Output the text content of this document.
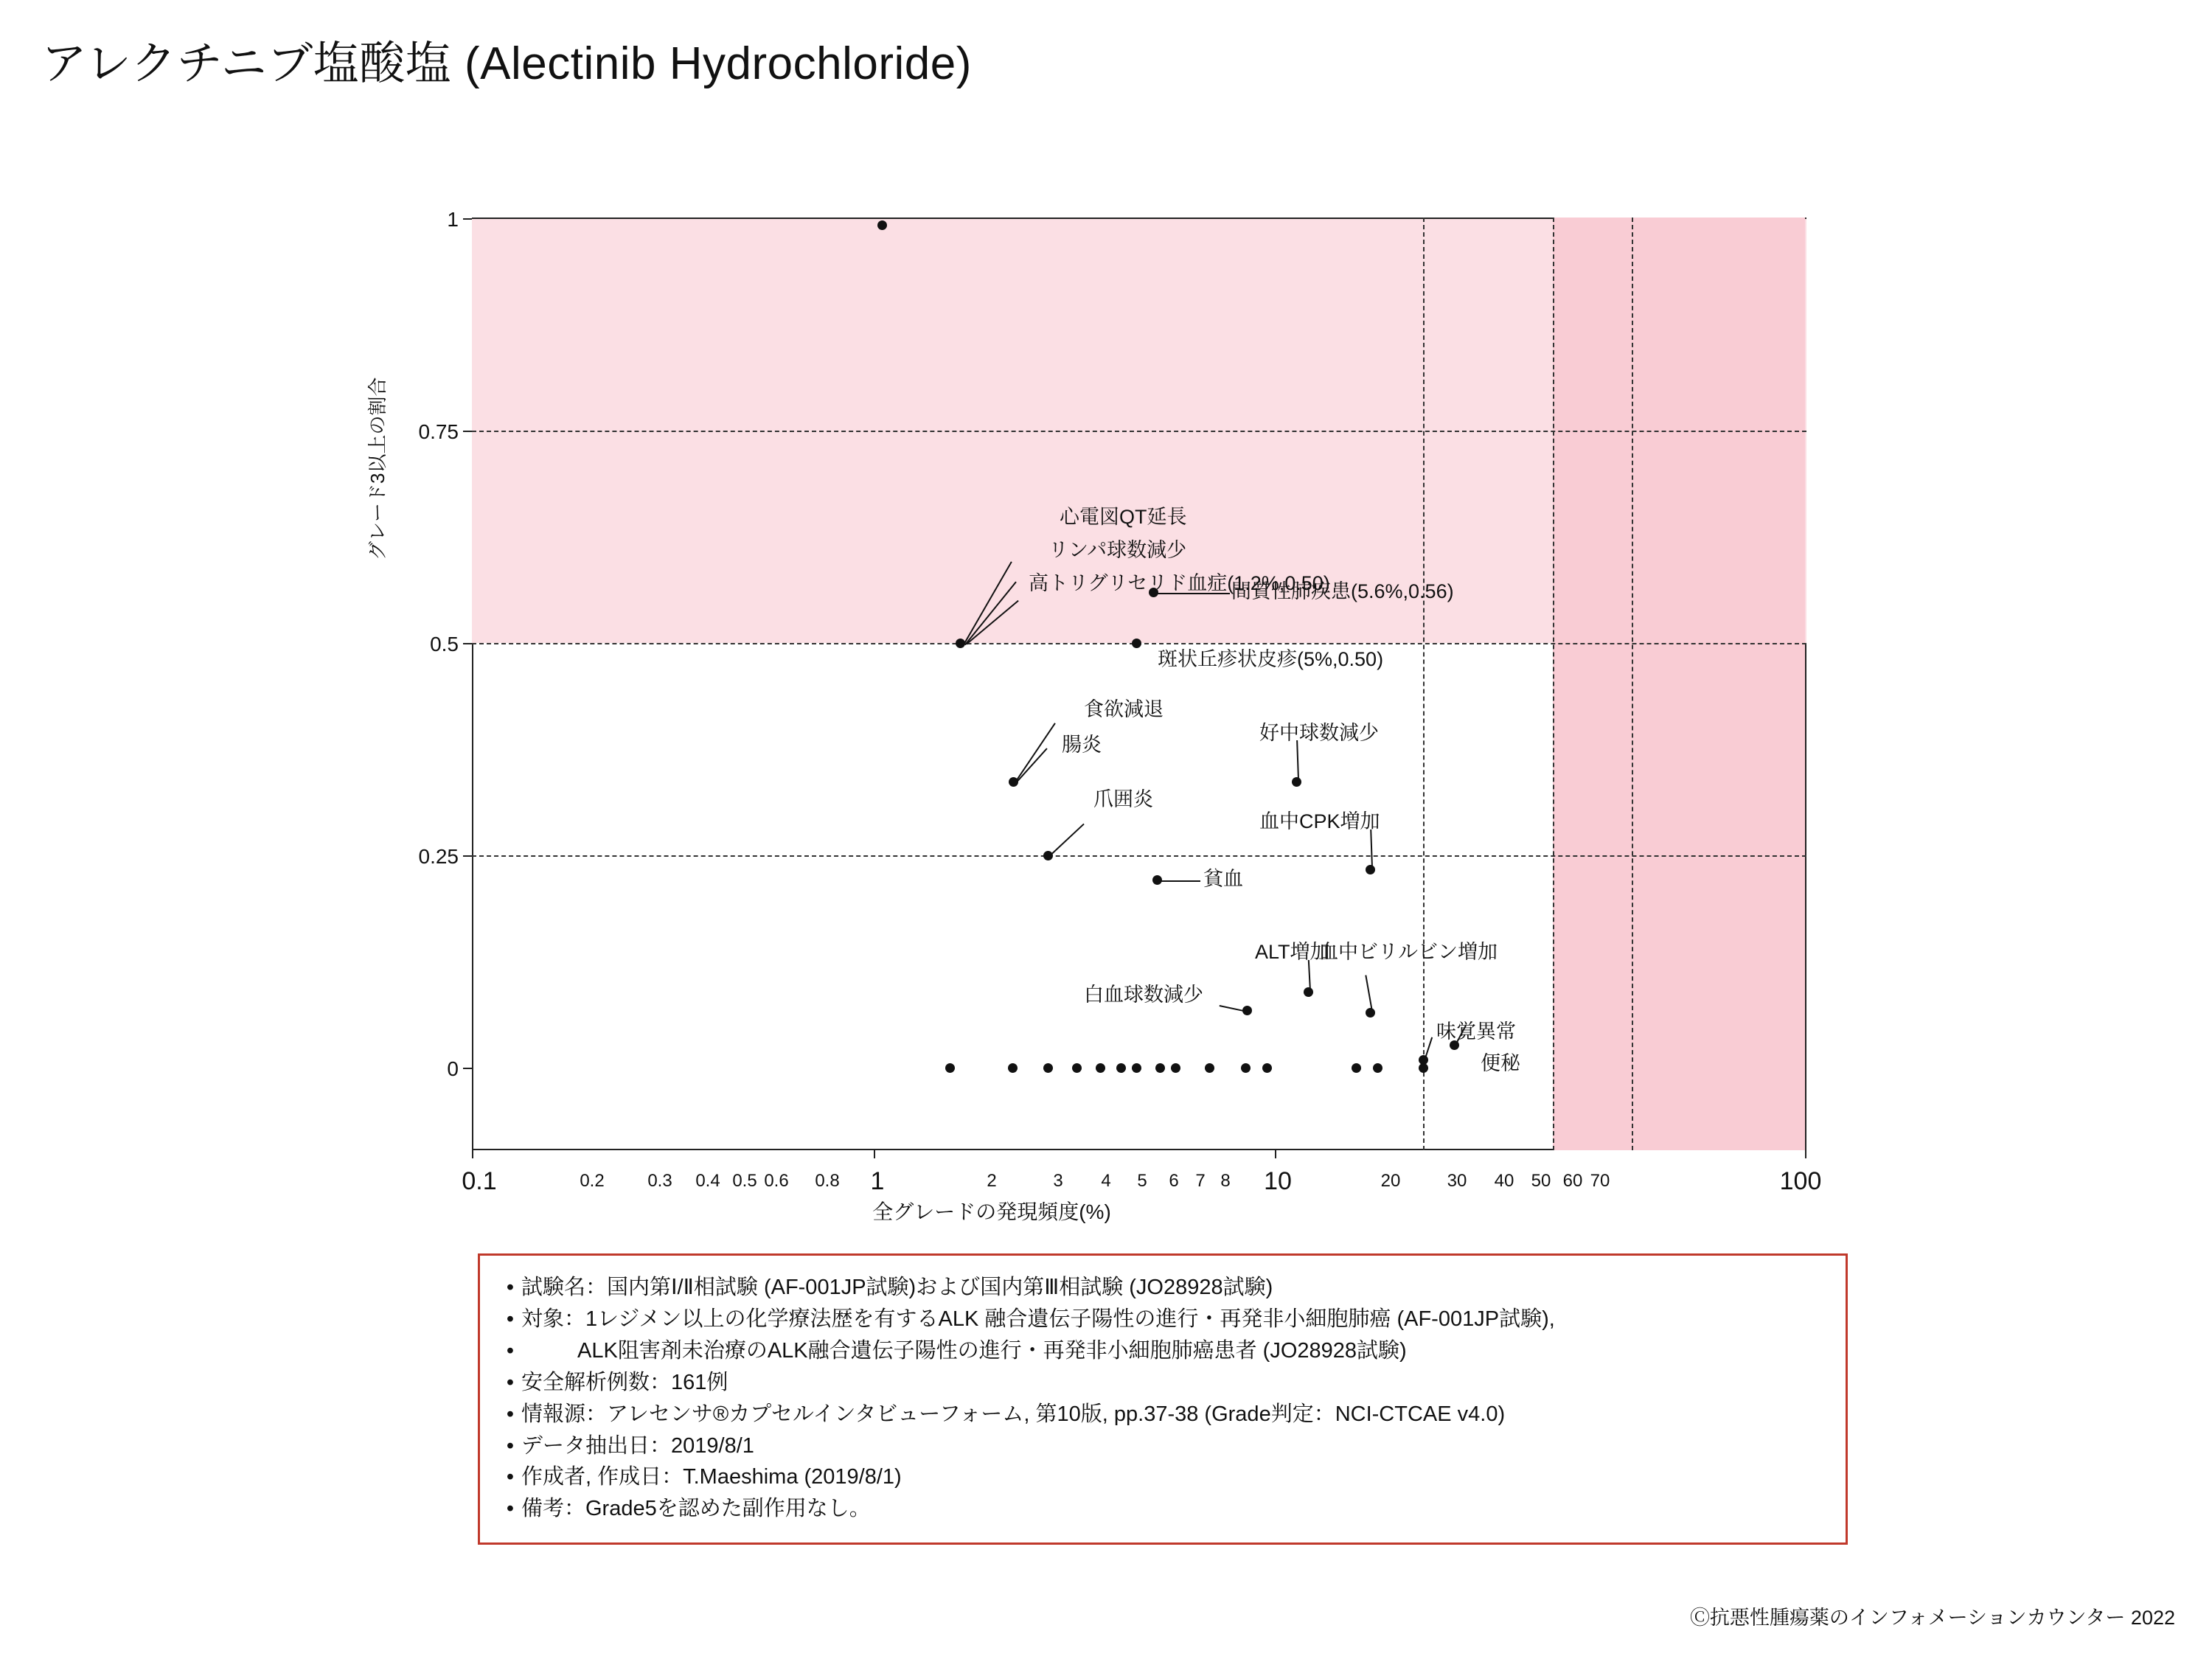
アレクチニブ塩酸塩 (Alectinib Hydrochloride)
心電図QT延長
リンパ球数減少
高トリグリセリド血症(1.2%,0.50)
間質性肺疾患(5.6%,0.56)
斑状丘疹状皮疹(5%,0.50)
食欲減退
腸炎
好中球数減少
爪囲炎
血中CPK増加
貧血
ALT増加
血中ビリルビン増加
白血球数減少
味覚異常
便秘
1
0.75
0.5
0.25
0
グレード3以上の割合
0.1	0.2 0.3 0.4 0.5 0.6 0.8 1	2	3 4 5 6 7 8 10	20	30 40 50 60 70	100
全グレードの発現頻度(%)
• 試験名：国内第Ⅰ/Ⅱ相試験 (AF-001JP試験)および国内第Ⅲ相試験 (JO28928試験)
• 対象：1レジメン以上の化学療法歴を有するALK 融合遺伝子陽性の進行・再発非小細胞肺癌 (AF-001JP試験),
•	ALK阻害剤未治療のALK融合遺伝子陽性の進行・再発非小細胞肺癌患者 (JO28928試験)
• 安全解析例数：161例
• 情報源：アレセンサ®カプセルインタビューフォーム, 第10版, pp.37-38 (Grade判定：NCI-CTCAE v4.0)
• データ抽出日：2019/8/1
• 作成者, 作成日：T.Maeshima (2019/8/1)
• 備考：Grade5を認めた副作用なし。
Ⓒ抗悪性腫瘍薬のインフォメーションカウンター 2022
